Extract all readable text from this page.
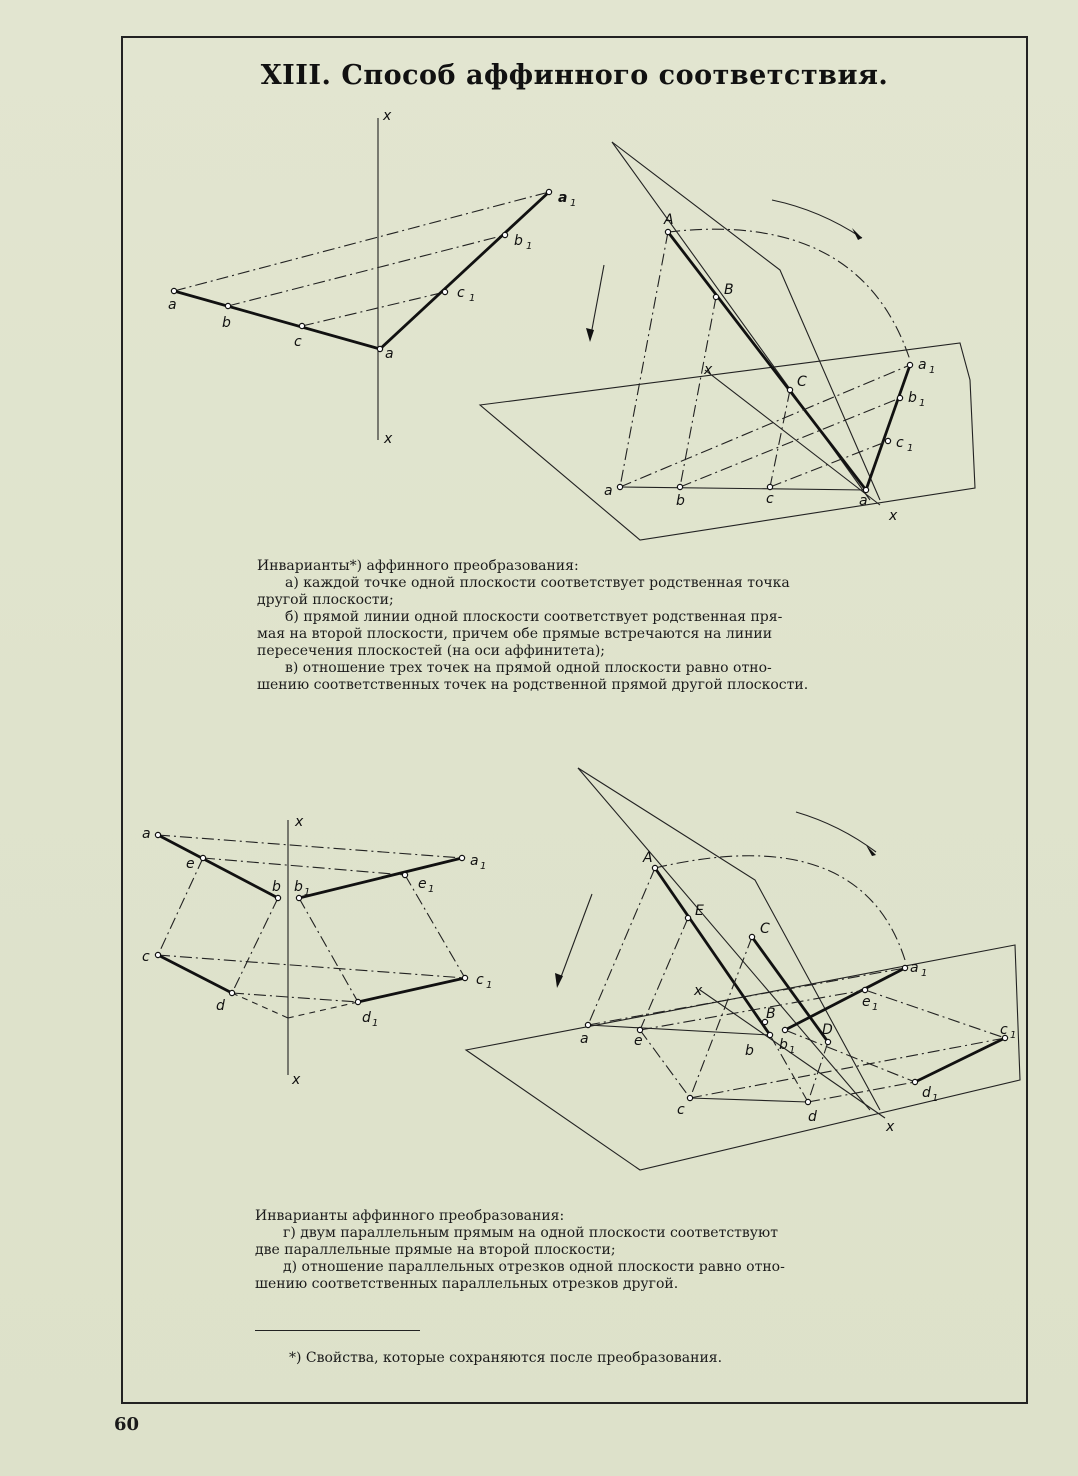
XIII. Способ аффинного соответствия.
x
x
a
b
c
a
c 1
b 1
a 1
A
B
C
x
a
b	c	a
x
a 1
b 1
c 1
x
x
a
e
b b 1
a 1
e 1
c
c 1
d
d 1
A
E
C
B
D
x
a	e
b b 1
c	d
x
a 1
e 1
c 1
d 1
Инварианты*) аффинного преобразования:
а) каждой точке одной плоскости соответствует родственная точка
другой плоскости;
б) прямой линии одной плоскости соответствует родственная пря-
мая на второй плоскости, причем обе прямые встречаются на линии
пересечения плоскостей (на оси аффинитета);
в) отношение трех точек на прямой одной плоскости равно отно-
шению соответственных точек на родственной прямой другой плоскости.
Инварианты аффинного преобразования:
г) двум параллельным прямым на одной плоскости соответствуют
две параллельные прямые на второй плоскости;
д) отношение параллельных отрезков одной плоскости равно отно-
шению соответственных параллельных отрезков другой.
*) Свойства, которые сохраняются после преобразования.
60
